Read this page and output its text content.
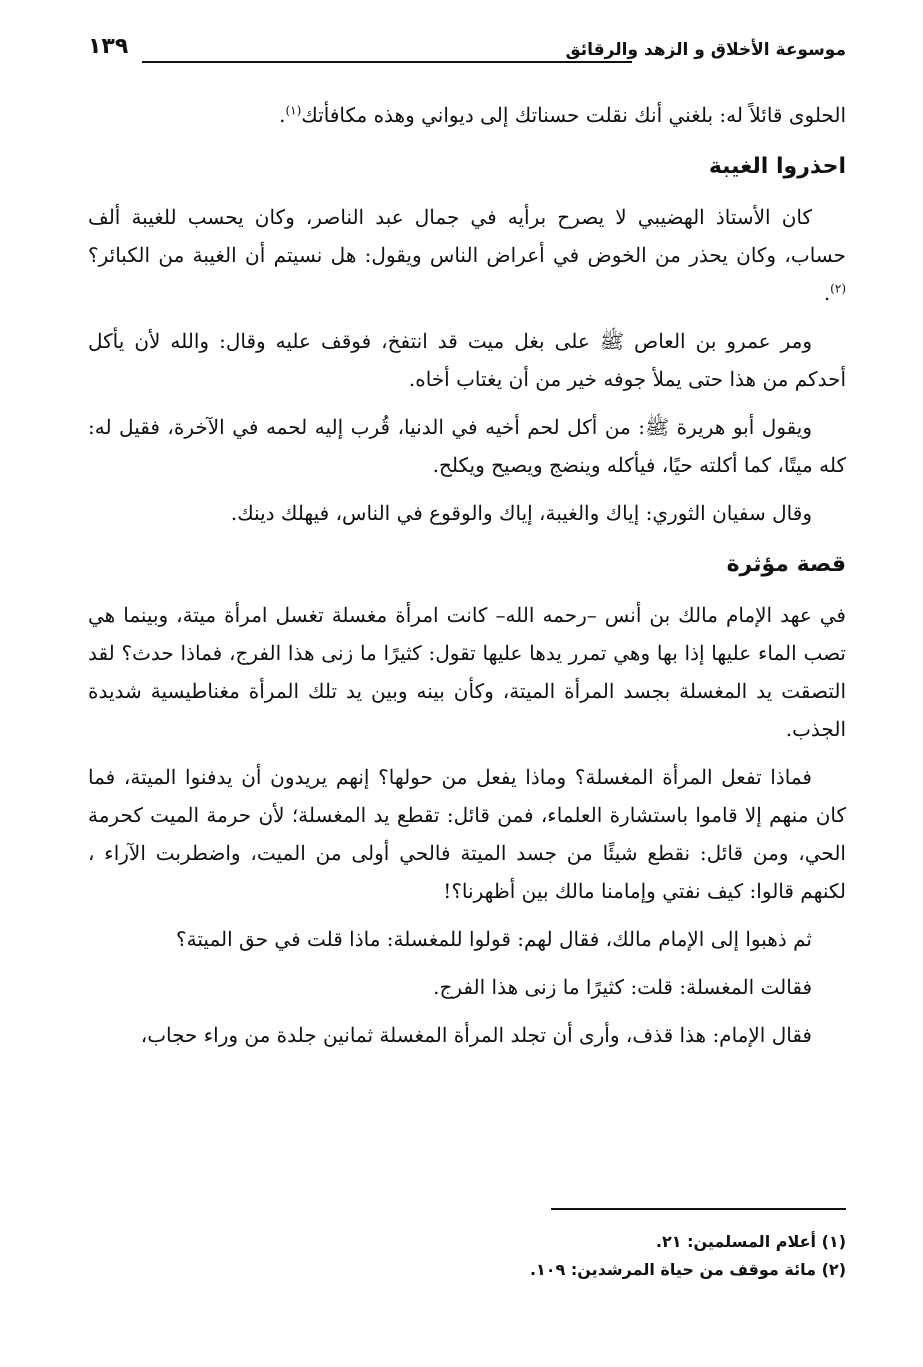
موسوعة الأخلاق و الزهد والرقائق
١٣٩

الحلوى قائلاً له: بلغني أنك نقلت حسناتك إلى ديواني وهذه مكافأتك$^{(١)}$.

احذروا الغيبة

كان الأستاذ الهضيبي لا يصرح برأيه في جمال عبد الناصر، وكان يحسب للغيبة ألف حساب، وكان يحذر من الخوض في أعراض الناس ويقول: هل نسيتم أن الغيبة من الكبائر؟ $^{(٢)}$.

ومر عمرو بن العاص ﷺ على بغل ميت قد انتفخ، فوقف عليه وقال: والله لأن يأكل أحدكم من هذا حتى يملأ جوفه خير من أن يغتاب أخاه.

ويقول أبو هريرة ﷺ: من أكل لحم أخيه في الدنيا، قُرب إليه لحمه في الآخرة، فقيل له: كله ميتًا، كما أكلته حيًا، فيأكله وينضج ويصيح ويكلح.

وقال سفيان الثوري: إياك والغيبة، إياك والوقوع في الناس، فيهلك دينك.

قصة مؤثرة

في عهد الإمام مالك بن أنس –رحمه الله– كانت امرأة مغسلة تغسل امرأة ميتة، وبينما هي تصب الماء عليها إذا بها وهي تمرر يدها عليها تقول: كثيرًا ما زنى هذا الفرج، فماذا حدث؟ لقد التصقت يد المغسلة بجسد المرأة الميتة، وكأن بينه وبين يد تلك المرأة مغناطيسية شديدة الجذب.

فماذا تفعل المرأة المغسلة؟ وماذا يفعل من حولها؟ إنهم يريدون أن يدفنوا الميتة، فما كان منهم إلا قاموا باستشارة العلماء، فمن قائل: تقطع يد المغسلة؛ لأن حرمة الميت كحرمة الحي، ومن قائل: نقطع شيئًا من جسد الميتة فالحي أولى من الميت، واضطربت الآراء ، لكنهم قالوا: كيف نفتي وإمامنا مالك بين أظهرنا؟!

ثم ذهبوا إلى الإمام مالك، فقال لهم: قولوا للمغسلة: ماذا قلت في حق الميتة؟

فقالت المغسلة: قلت: كثيرًا ما زنى هذا الفرج.

فقال الإمام: هذا قذف، وأرى أن تجلد المرأة المغسلة ثمانين جلدة من وراء حجاب،

(١) أعلام المسلمين: ٢١.
(٢) مائة موقف من حياة المرشدين: ١٠٩.
